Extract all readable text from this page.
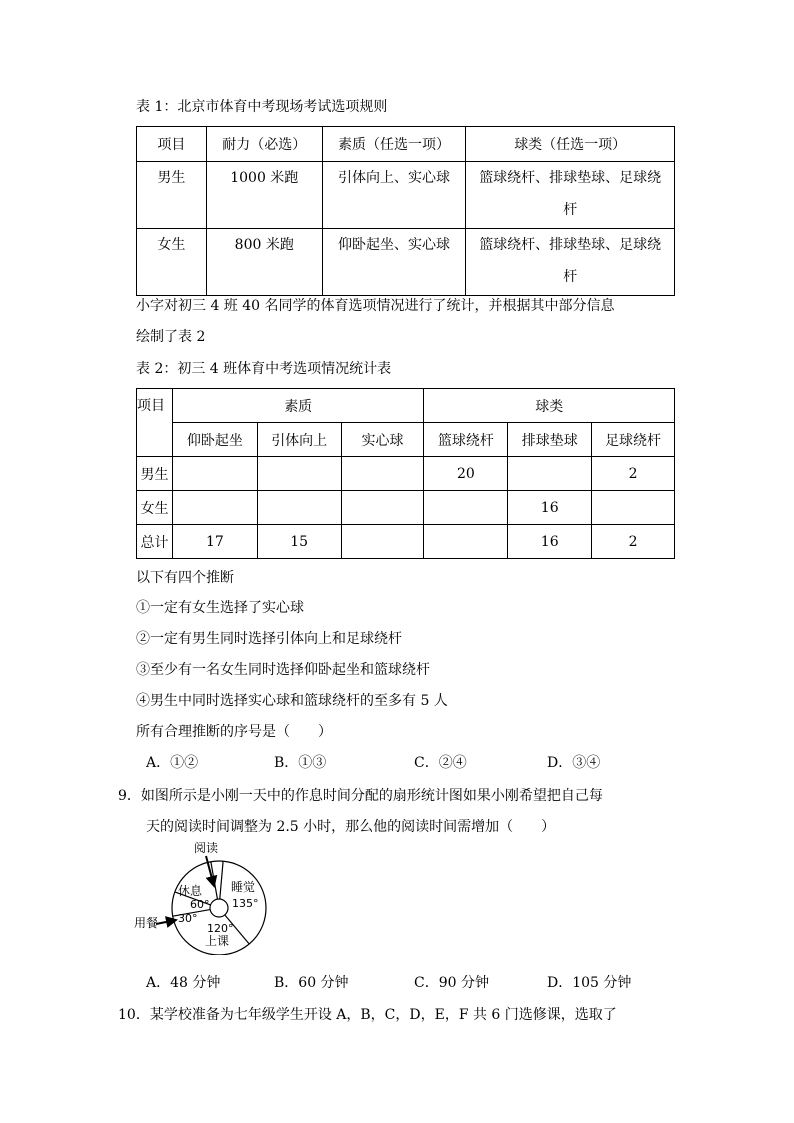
表 1：北京市体育中考现场考试选项规则
项目	耐力（必选）	素质（任选一项）	球类（任选一项）
男生	1000 米跑	引体向上、实心球	篮球绕杆、排球垫球、足球绕
杆

女生	800 米跑	仰卧起坐、实心球	篮球绕杆、排球垫球、足球绕
杆
小字对初三 4 班 40 名同学的体育选项情况进行了统计，并根据其中部分信息
绘制了表 2
表 2：初三 4 班体育中考选项情况统计表
项目	素质			球类		
	仰卧起坐	引体向上	实心球	篮球绕杆	排球垫球	足球绕杆
男生				20		2
女生					16	
总计	17	15			16	2
以下有四个推断
①一定有女生选择了实心球
②一定有男生同时选择引体向上和足球绕杆
③至少有一名女生同时选择仰卧起坐和篮球绕杆
④男生中同时选择实心球和篮球绕杆的至多有 5 人
所有合理推断的序号是（　　）
A．①②	B．①③	C．②④	D．③④
9．如图所示是小刚一天中的作息时间分配的扇形统计图如果小刚希望把自己每
天的阅读时间调整为 2.5 小时，那么他的阅读时间需增加（　　）
阅读
休息
60°
睡觉
135°
用餐 30°
120°
上课
A．48 分钟	B．60 分钟	C．90 分钟	D．105 分钟
10．某学校准备为七年级学生开设 A，B，C，D，E，F 共 6 门选修课，选取了
